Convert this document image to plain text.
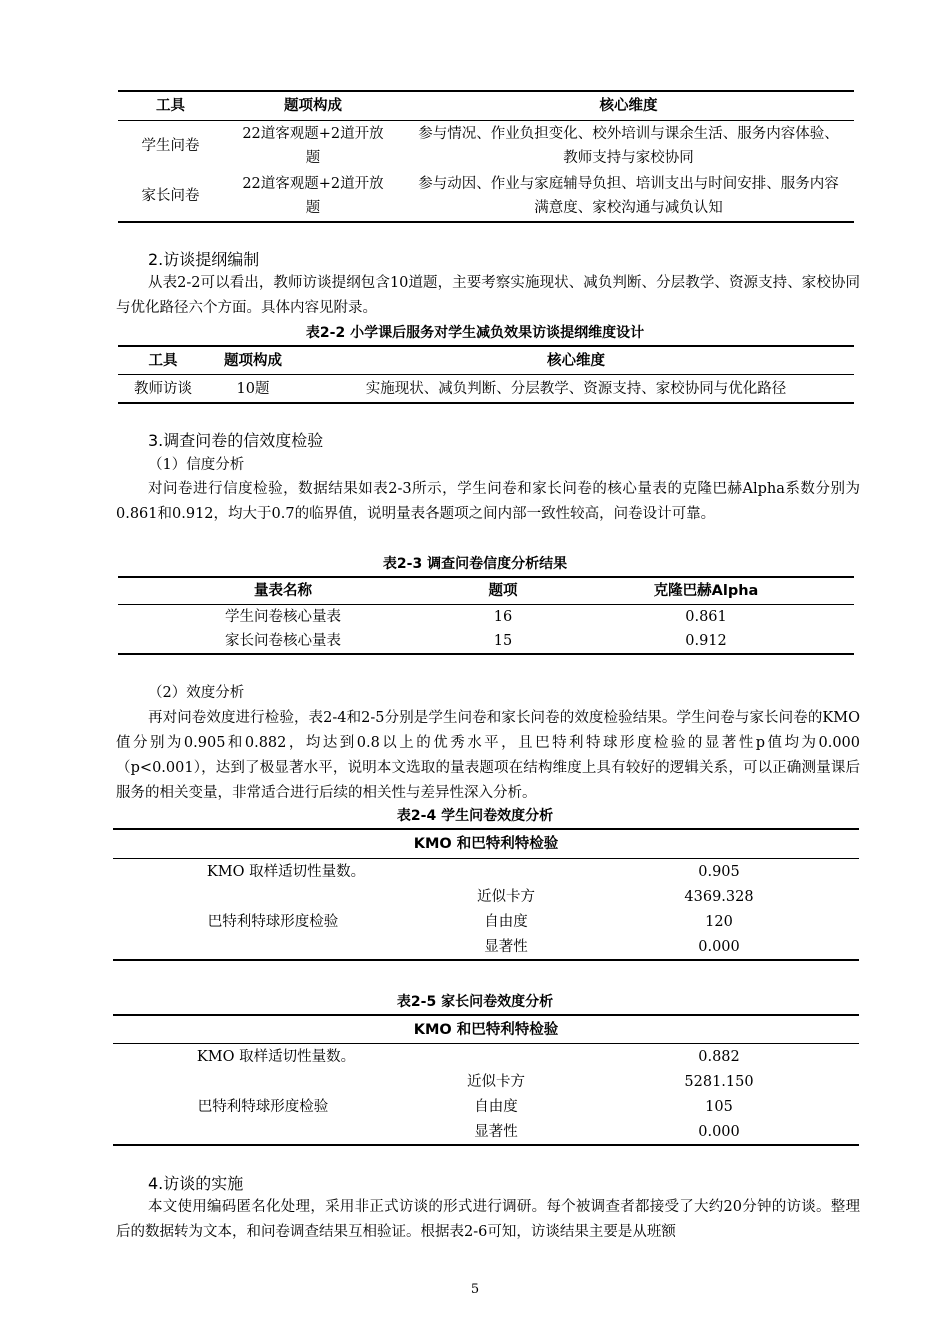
工具	题项构成	核心维度
学生问卷	22道客观题+2道开放题	参与情况、作业负担变化、校外培训与课余生活、服务内容体验、教师支持与家校协同

家长问卷	22道客观题+2道开放题	参与动因、作业与家庭辅导负担、培训支出与时间安排、服务内容满意度、家校沟通与减负认知
2.访谈提纲编制
从表2-2可以看出，教师访谈提纲包含10道题，主要考察实施现状、减负判断、分层教学、资源支持、家校协同与优化路径六个方面。具体内容见附录。
表2-2 小学课后服务对学生减负效果访谈提纲维度设计
工具	题项构成	核心维度
教师访谈	10题	实施现状、减负判断、分层教学、资源支持、家校协同与优化路径
3.调查问卷的信效度检验
（1）信度分析
对问卷进行信度检验，数据结果如表2-3所示，学生问卷和家长问卷的核心量表的克隆巴赫Alpha系数分别为0.861和0.912，均大于0.7的临界值，说明量表各题项之间内部一致性较高，问卷设计可靠。
表2-3 调查问卷信度分析结果
量表名称	题项	克隆巴赫Alpha
学生问卷核心量表	16	0.861
家长问卷核心量表	15	0.912
（2）效度分析
再对问卷效度进行检验，表2-4和2-5分别是学生问卷和家长问卷的效度检验结果。学生问卷与家长问卷的KMO值分别为0.905和0.882，均达到0.8以上的优秀水平，且巴特利特球形度检验的显著性p值均为0.000（p<0.001），达到了极显著水平，说明本文选取的量表题项在结构维度上具有较好的逻辑关系，可以正确测量课后服务的相关变量，非常适合进行后续的相关性与差异性深入分析。
表2-4 学生问卷效度分析
KMO 和巴特利特检验		
KMO 取样适切性量数。		0.905
巴特利特球形度检验	近似卡方	4369.328
	自由度	120
	显著性	0.000
表2-5 家长问卷效度分析
KMO 和巴特利特检验		
KMO 取样适切性量数。		0.882
巴特利特球形度检验	近似卡方	5281.150
	自由度	105
	显著性	0.000
4.访谈的实施
本文使用编码匿名化处理，采用非正式访谈的形式进行调研。每个被调查者都接受了大约20分钟的访谈。整理后的数据转为文本，和问卷调查结果互相验证。根据表2-6可知，访谈结果主要是从班额
5
